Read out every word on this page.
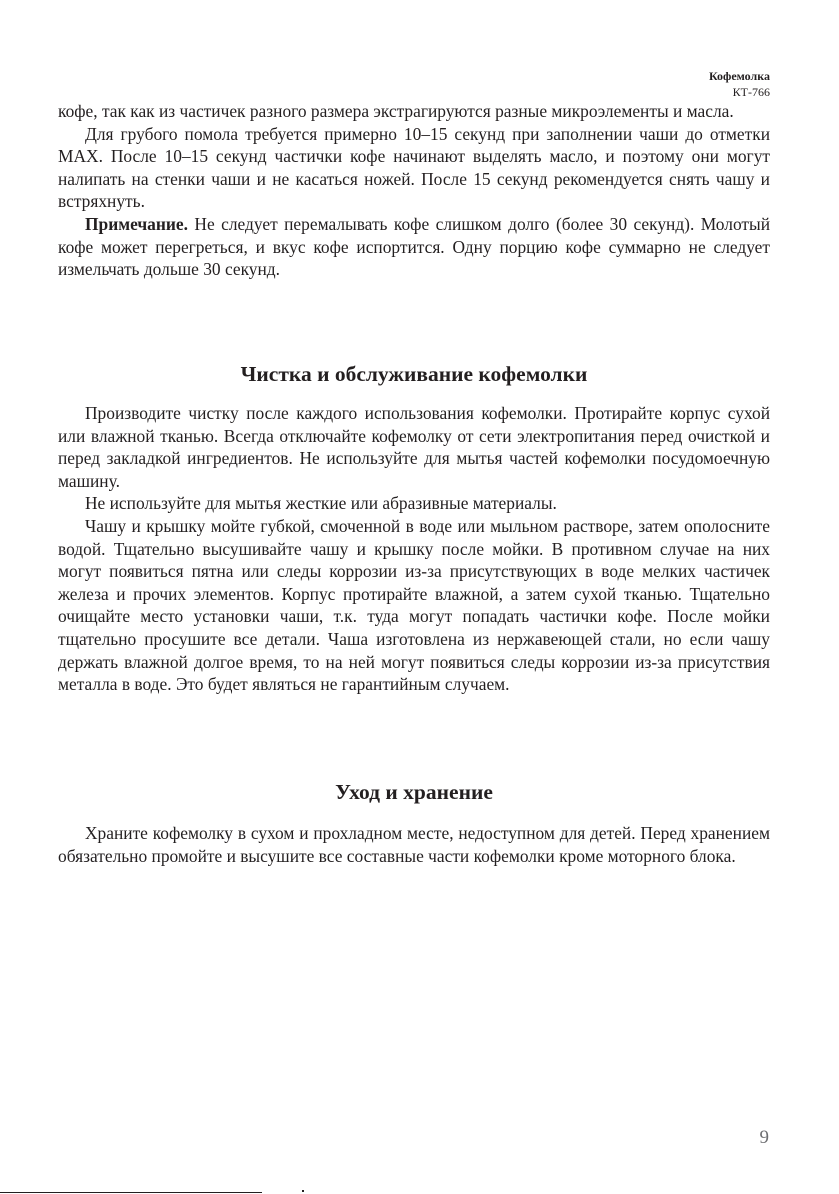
Кофемолка
КТ-766

кофе, так как из частичек разного размера экстрагируются разные микроэлементы и масла.

Для грубого помола требуется примерно 10–15 секунд при заполнении чаши до отметки MAX. После 10–15 секунд частички кофе начинают выделять масло, и поэтому они могут налипать на стенки чаши и не касаться ножей. После 15 секунд рекомендуется снять чашу и встряхнуть.

Примечание. Не следует перемалывать кофе слишком долго (более 30 секунд). Молотый кофе может перегреться, и вкус кофе испортится. Одну порцию кофе суммарно не следует измельчать дольше 30 секунд.

Чистка и обслуживание кофемолки

Производите чистку после каждого использования кофемолки. Протирайте корпус сухой или влажной тканью. Всегда отключайте кофемолку от сети электропитания перед очисткой и перед закладкой ингредиентов. Не используйте для мытья частей кофемолки посудомоечную машину.

Не используйте для мытья жесткие или абразивные материалы.

Чашу и крышку мойте губкой, смоченной в воде или мыльном растворе, затем ополосните водой. Тщательно высушивайте чашу и крышку после мойки. В противном случае на них могут появиться пятна или следы коррозии из-за присутствующих в воде мелких частичек железа и прочих элементов. Корпус протирайте влажной, а затем сухой тканью. Тщательно очищайте место установки чаши, т.к. туда могут попадать частички кофе. После мойки тщательно просушите все детали. Чаша изготовлена из нержавеющей стали, но если чашу держать влажной долгое время, то на ней могут появиться следы коррозии из-за присутствия металла в воде. Это будет являться не гарантийным случаем.

Уход и хранение

Храните кофемолку в сухом и прохладном месте, недоступном для детей. Перед хранением обязательно промойте и высушите все составные части кофемолки кроме моторного блока.

9
